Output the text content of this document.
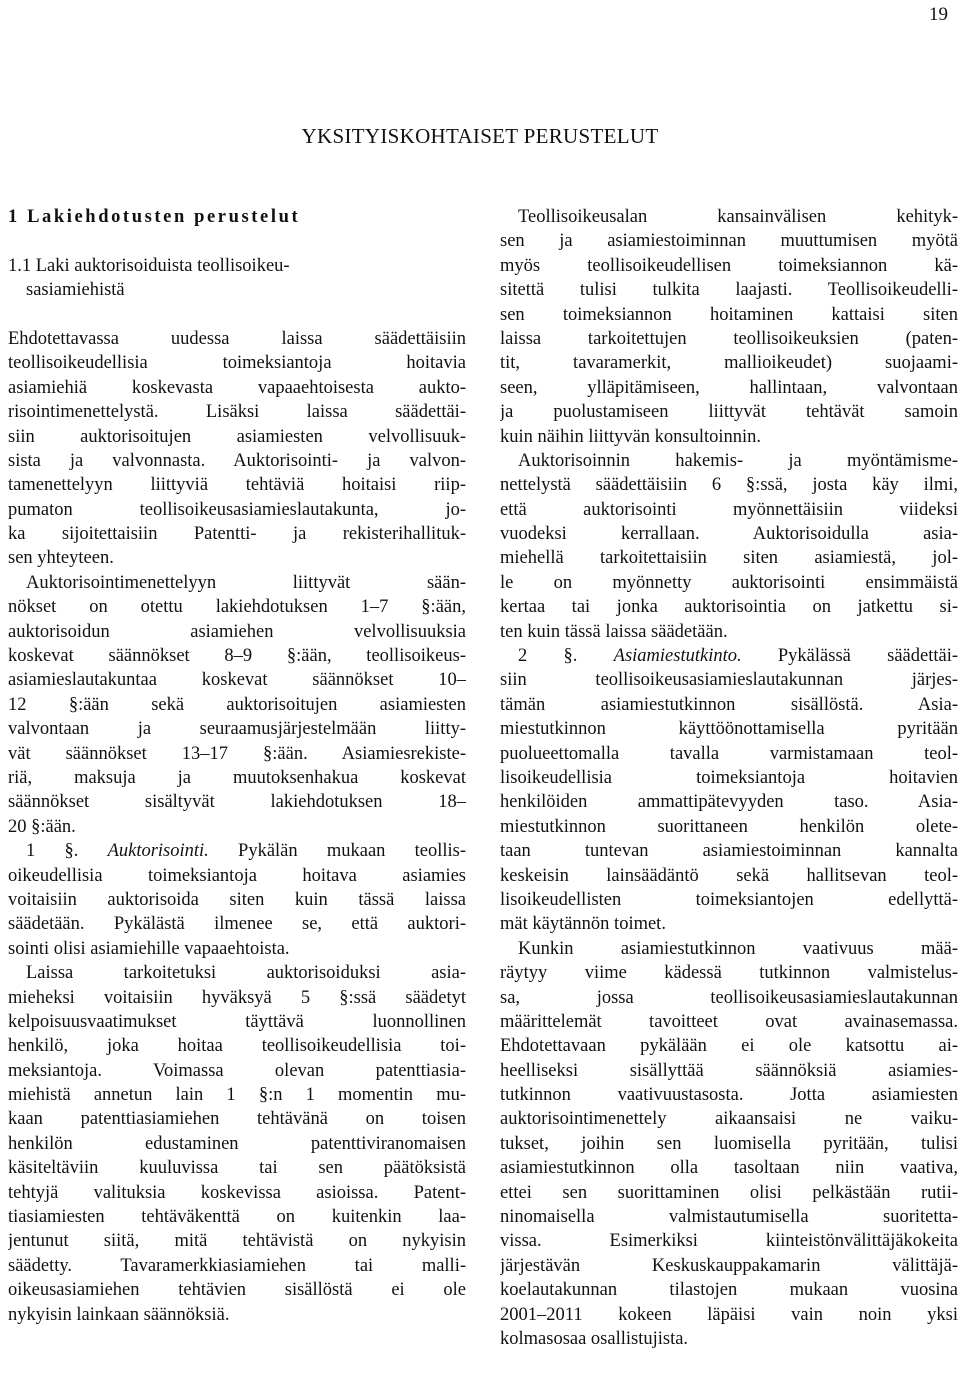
19
YKSITYISKOHTAISET PERUSTELUT
1 Lakiehdotusten perustelut
1.1 Laki auktorisoiduista teollisoikeu-
sasiamiehistä
Ehdotettavassa uudessa laissa säädettäisiin
teollisoikeudellisia toimeksiantoja hoitavia
asiamiehiä koskevasta vapaaehtoisesta aukto-
risointimenettelystä. Lisäksi laissa säädettäi-
siin auktorisoitujen asiamiesten velvollisuuk-
sista ja valvonnasta. Auktorisointi- ja valvon-
tamenettelyyn liittyviä tehtäviä hoitaisi riip-
pumaton teollisoikeusasiamieslautakunta, jo-
ka sijoitettaisiin Patentti- ja rekisterihallituk-
sen yhteyteen.
Auktorisointimenettelyyn liittyvät sään-
nökset on otettu lakiehdotuksen 1–7 §:ään,
auktorisoidun asiamiehen velvollisuuksia
koskevat säännökset 8–9 §:ään, teollisoikeus-
asiamieslautakuntaa koskevat säännökset 10–
12 §:ään sekä auktorisoitujen asiamiesten
valvontaan ja seuraamusjärjestelmään liitty-
vät säännökset 13–17 §:ään. Asiamiesrekiste-
riä, maksuja ja muutoksenhakua koskevat
säännökset sisältyvät lakiehdotuksen 18–
20 §:ään.
1 §. Auktorisointi. Pykälän mukaan teollis-
oikeudellisia toimeksiantoja hoitava asiamies
voitaisiin auktorisoida siten kuin tässä laissa
säädetään. Pykälästä ilmenee se, että auktori-
sointi olisi asiamiehille vapaaehtoista.
Laissa tarkoitetuksi auktorisoiduksi asia-
mieheksi voitaisiin hyväksyä 5 §:ssä säädetyt
kelpoisuusvaatimukset täyttävä luonnollinen
henkilö, joka hoitaa teollisoikeudellisia toi-
meksiantoja. Voimassa olevan patenttiasia-
miehistä annetun lain 1 §:n 1 momentin mu-
kaan patenttiasiamiehen tehtävänä on toisen
henkilön edustaminen patenttiviranomaisen
käsiteltäviin kuuluvissa tai sen päätöksistä
tehtyjä valituksia koskevissa asioissa. Patent-
tiasiamiesten tehtäväkenttä on kuitenkin laa-
jentunut siitä, mitä tehtävistä on nykyisin
säädetty. Tavaramerkkiasiamiehen tai malli-
oikeusasiamiehen tehtävien sisällöstä ei ole
nykyisin lainkaan säännöksiä.
Teollisoikeusalan kansainvälisen kehityk-
sen ja asiamiestoiminnan muuttumisen myötä
myös teollisoikeudellisen toimeksiannon kä-
sitettä tulisi tulkita laajasti. Teollisoikeudelli-
sen toimeksiannon hoitaminen kattaisi siten
laissa tarkoitettujen teollisoikeuksien (paten-
tit, tavaramerkit, mallioikeudet) suojaami-
seen, ylläpitämiseen, hallintaan, valvontaan
ja puolustamiseen liittyvät tehtävät samoin
kuin näihin liittyvän konsultoinnin.
Auktorisoinnin hakemis- ja myöntämisme-
nettelystä säädettäisiin 6 §:ssä, josta käy ilmi,
että auktorisointi myönnettäisiin viideksi
vuodeksi kerrallaan. Auktorisoidulla asia-
miehellä tarkoitettaisiin siten asiamiestä, jol-
le on myönnetty auktorisointi ensimmäistä
kertaa tai jonka auktorisointia on jatkettu si-
ten kuin tässä laissa säädetään.
2 §. Asiamiestutkinto. Pykälässä säädettäi-
siin teollisoikeusasiamieslautakunnan järjes-
tämän asiamiestutkinnon sisällöstä. Asia-
miestutkinnon käyttöönottamisella pyritään
puolueettomalla tavalla varmistamaan teol-
lisoikeudellisia toimeksiantoja hoitavien
henkilöiden ammattipätevyyden taso. Asia-
miestutkinnon suorittaneen henkilön olete-
taan tuntevan asiamiestoiminnan kannalta
keskeisin lainsäädäntö sekä hallitsevan teol-
lisoikeudellisten toimeksiantojen edellyttä-
mät käytännön toimet.
Kunkin asiamiestutkinnon vaativuus mää-
räytyy viime kädessä tutkinnon valmistelus-
sa, jossa teollisoikeusasiamieslautakunnan
määrittelemät tavoitteet ovat avainasemassa.
Ehdotettavaan pykälään ei ole katsottu ai-
heelliseksi sisällyttää säännöksiä asiamies-
tutkinnon vaativuustasosta. Jotta asiamiesten
auktorisointimenettely aikaansaisi ne vaiku-
tukset, joihin sen luomisella pyritään, tulisi
asiamiestutkinnon olla tasoltaan niin vaativa,
ettei sen suorittaminen olisi pelkästään rutii-
ninomaisella valmistautumisella suoritetta-
vissa. Esimerkiksi kiinteistönvälittäjäkokeita
järjestävän Keskuskauppakamarin välittäjä-
koelautakunnan tilastojen mukaan vuosina
2001–2011 kokeen läpäisi vain noin yksi
kolmasosaa osallistujista.
